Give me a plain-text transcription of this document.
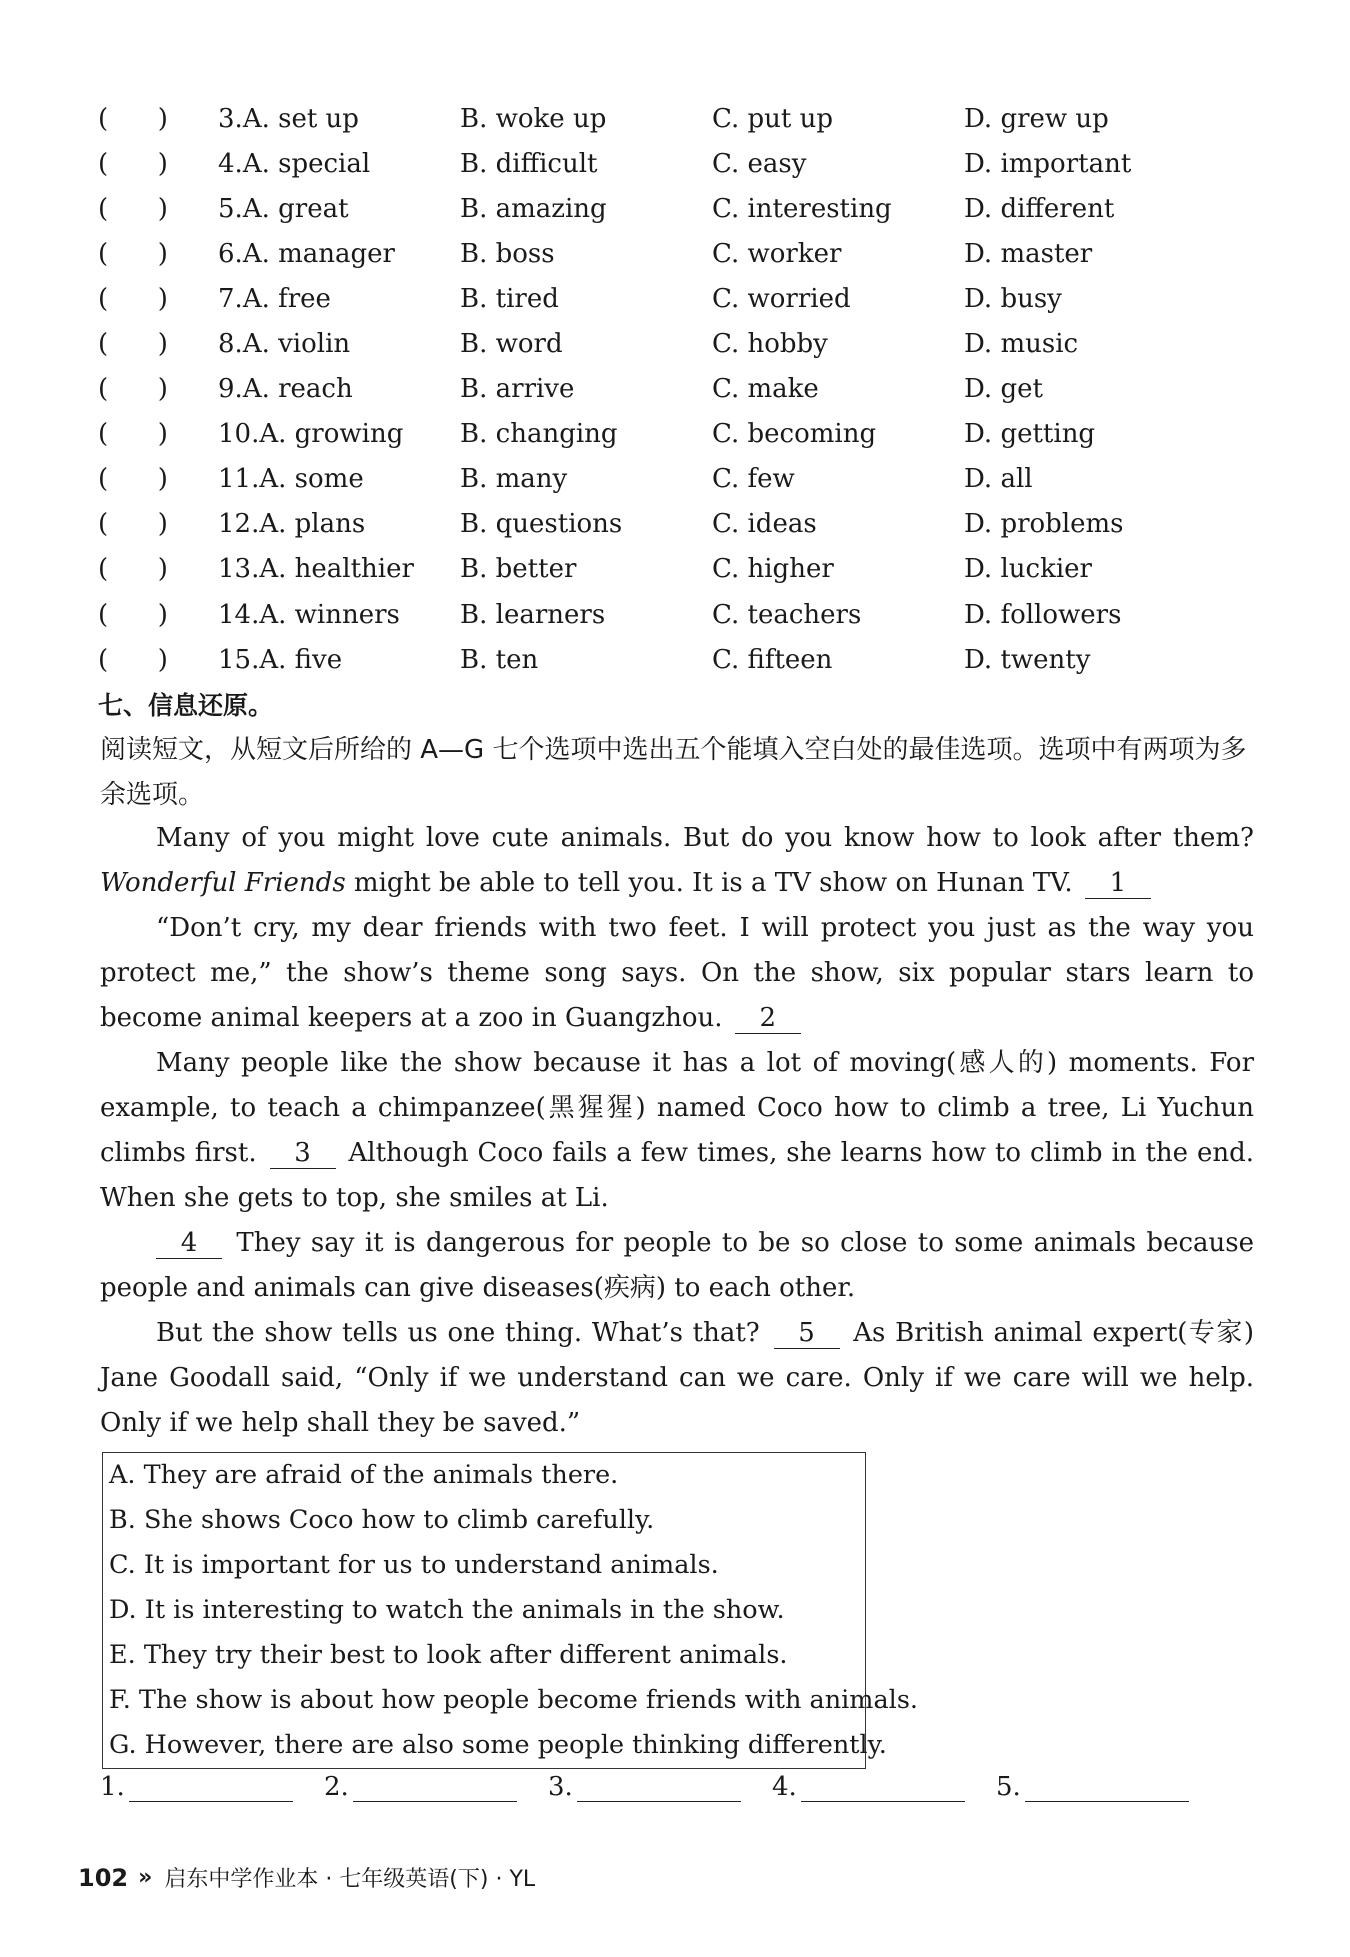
(      )	3.A. set up	B. woke up	C. put up	D. grew up
(      )	4.A. special	B. difficult	C. easy	D. important
(      )	5.A. great	B. amazing	C. interesting	D. different
(      )	6.A. manager	B. boss	C. worker	D. master
(      )	7.A. free	B. tired	C. worried	D. busy
(      )	8.A. violin	B. word	C. hobby	D. music
(      )	9.A. reach	B. arrive	C. make	D. get
(      )	10.A. growing	B. changing	C. becoming	D. getting
(      )	11.A. some	B. many	C. few	D. all
(      )	12.A. plans	B. questions	C. ideas	D. problems
(      )	13.A. healthier	B. better	C. higher	D. luckier
(      )	14.A. winners	B. learners	C. teachers	D. followers
(      )	15.A. five	B. ten	C. fifteen	D. twenty
七、信息还原。
阅读短文，从短文后所给的 A—G 七个选项中选出五个能填入空白处的最佳选项。选项中有两项为多余选项。

Many of you might love cute animals. But do you know how to look after them? Wonderful Friends might be able to tell you. It is a TV show on Hunan TV. 1

“Don’t cry, my dear friends with two feet. I will protect you just as the way you protect me,” the show’s theme song says. On the show, six popular stars learn to become animal keepers at a zoo in Guangzhou. 2

Many people like the show because it has a lot of moving(感人的) moments. For example, to teach a chimpanzee(黑猩猩) named Coco how to climb a tree, Li Yuchun climbs first. 3 Although Coco fails a few times, she learns how to climb in the end. When she gets to top, she smiles at Li.

4 They say it is dangerous for people to be so close to some animals because people and animals can give diseases(疾病) to each other.

But the show tells us one thing. What’s that? 5 As British animal expert(专家) Jane Goodall said, “Only if we understand can we care. Only if we care will we help. Only if we help shall they be saved.”

A. They are afraid of the animals there.
B. She shows Coco how to climb carefully.
C. It is important for us to understand animals.
D. It is interesting to watch the animals in the show.
E. They try their best to look after different animals.
F. The show is about how people become friends with animals.
G. However, there are also some people thinking differently.
1.	2.	3.	4.	5.
102 » 启东中学作业本 · 七年级英语(下) · YL
